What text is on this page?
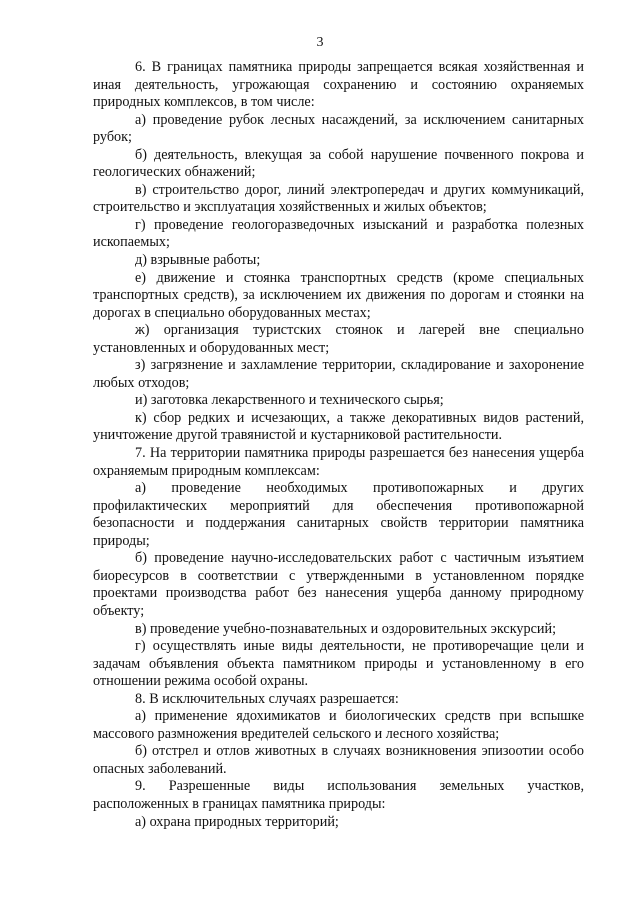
3

6. В границах памятника природы запрещается всякая хозяйственная и иная деятельность, угрожающая сохранению и состоянию охраняемых природных комплексов, в том числе:

а) проведение рубок лесных насаждений, за исключением санитарных рубок;

б) деятельность, влекущая за собой нарушение почвенного покрова и геологических обнажений;

в) строительство дорог, линий электропередач и других коммуникаций, строительство и эксплуатация хозяйственных и жилых объектов;

г) проведение геологоразведочных изысканий и разработка полезных ископаемых;

д) взрывные работы;

е) движение и стоянка транспортных средств (кроме специальных транспортных средств), за исключением их движения по дорогам и стоянки на дорогах в специально оборудованных местах;

ж) организация туристских стоянок и лагерей вне специально установленных и оборудованных мест;

з) загрязнение и захламление территории, складирование и захоронение любых отходов;

и) заготовка лекарственного и технического сырья;

к) сбор редких и исчезающих, а также декоративных видов растений, уничтожение другой травянистой и кустарниковой растительности.

7. На территории памятника природы разрешается без нанесения ущерба охраняемым природным комплексам:

а) проведение необходимых противопожарных и других профилактических мероприятий для обеспечения противопожарной безопасности и поддержания санитарных свойств территории памятника природы;

б) проведение научно-исследовательских работ с частичным изъятием биоресурсов в соответствии с утвержденными в установленном порядке проектами производства работ без нанесения ущерба данному природному объекту;

в) проведение учебно-познавательных и оздоровительных экскурсий;

г) осуществлять иные виды деятельности, не противоречащие цели и задачам объявления объекта памятником природы и установленному в его отношении режима особой охраны.

8. В исключительных случаях разрешается:

а) применение ядохимикатов и биологических средств при вспышке массового размножения вредителей сельского и лесного хозяйства;

б) отстрел и отлов животных в случаях возникновения эпизоотии особо опасных заболеваний.

9. Разрешенные виды использования земельных участков, расположенных в границах памятника природы:

а) охрана природных территорий;
